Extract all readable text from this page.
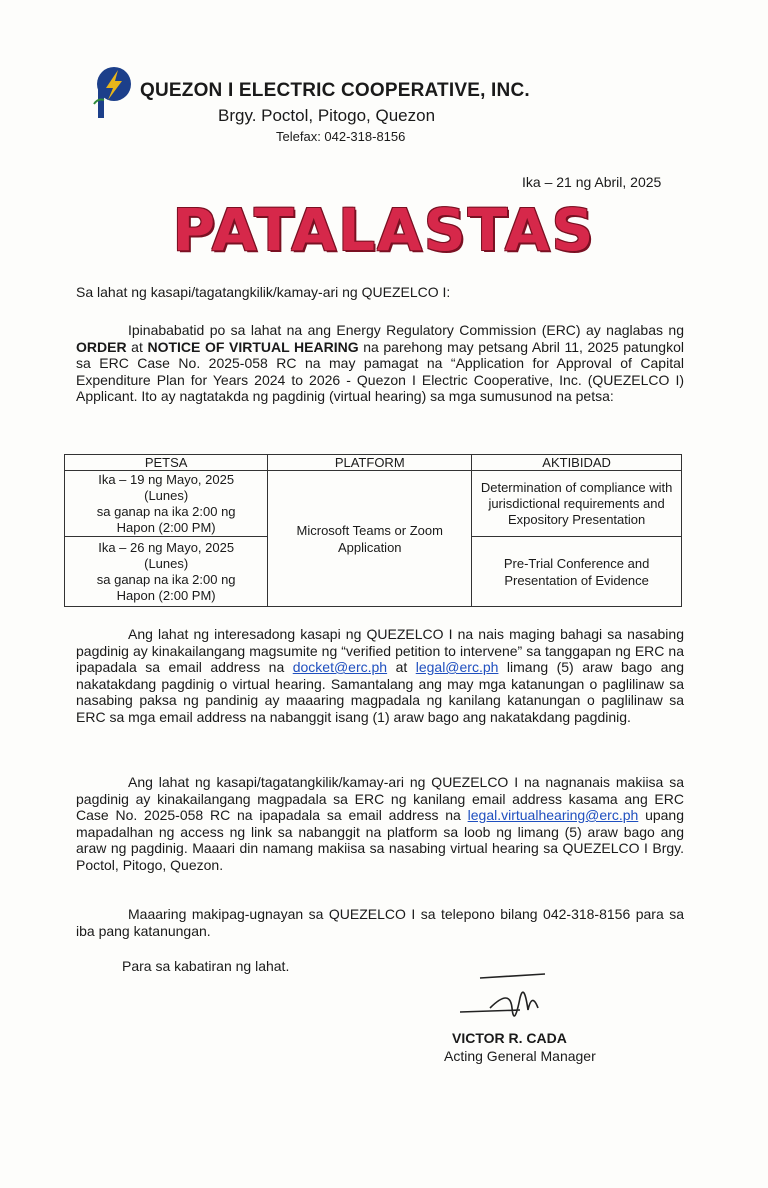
QUEZON I ELECTRIC COOPERATIVE, INC.
Brgy. Poctol, Pitogo, Quezon
Telefax: 042-318-8156
Ika – 21 ng Abril, 2025
PATALASTAS
Sa lahat ng kasapi/tagatangkilik/kamay-ari ng QUEZELCO I:
Ipinababatid po sa lahat na ang Energy Regulatory Commission (ERC) ay naglabas ng ORDER at NOTICE OF VIRTUAL HEARING na parehong may petsang Abril 11, 2025 patungkol sa ERC Case No. 2025-058 RC na may pamagat na “Application for Approval of Capital Expenditure Plan for Years 2024 to 2026 - Quezon I Electric Cooperative, Inc. (QUEZELCO I) Applicant. Ito ay nagtatakda ng pagdinig (virtual hearing) sa mga sumusunod na petsa:
PETSA	PLATFORM	AKTIBIDAD

Ika – 19 ng Mayo, 2025
(Lunes)
sa ganap na ika 2:00 ng
Hapon (2:00 PM)	Microsoft Teams or Zoom Application	Determination of compliance with jurisdictional requirements and Expository Presentation

Ika – 26 ng Mayo, 2025
(Lunes)
sa ganap na ika 2:00 ng
Hapon (2:00 PM)		Pre-Trial Conference and Presentation of Evidence
Ang lahat ng interesadong kasapi ng QUEZELCO I na nais maging bahagi sa nasabing pagdinig ay kinakailangang magsumite ng “verified petition to intervene” sa tanggapan ng ERC na ipapadala sa email address na docket@erc.ph at legal@erc.ph limang (5) araw bago ang nakatakdang pagdinig o virtual hearing. Samantalang ang may mga katanungan o paglilinaw sa nasabing paksa ng pandinig ay maaaring magpadala ng kanilang katanungan o paglilinaw sa ERC sa mga email address na nabanggit isang (1) araw bago ang nakatakdang pagdinig.
Ang lahat ng kasapi/tagatangkilik/kamay-ari ng QUEZELCO I na nagnanais makiisa sa pagdinig ay kinakailangang magpadala sa ERC ng kanilang email address kasama ang ERC Case No. 2025-058 RC na ipapadala sa email address na legal.virtualhearing@erc.ph upang mapadalhan ng access ng link sa nabanggit na platform sa loob ng limang (5) araw bago ang araw ng pagdinig. Maaari din namang makiisa sa nasabing virtual hearing sa QUEZELCO I Brgy. Poctol, Pitogo, Quezon.
Maaaring makipag-ugnayan sa QUEZELCO I sa telepono bilang 042-318-8156 para sa iba pang katanungan.
Para sa kabatiran ng lahat.
VICTOR R. CADA
Acting General Manager
